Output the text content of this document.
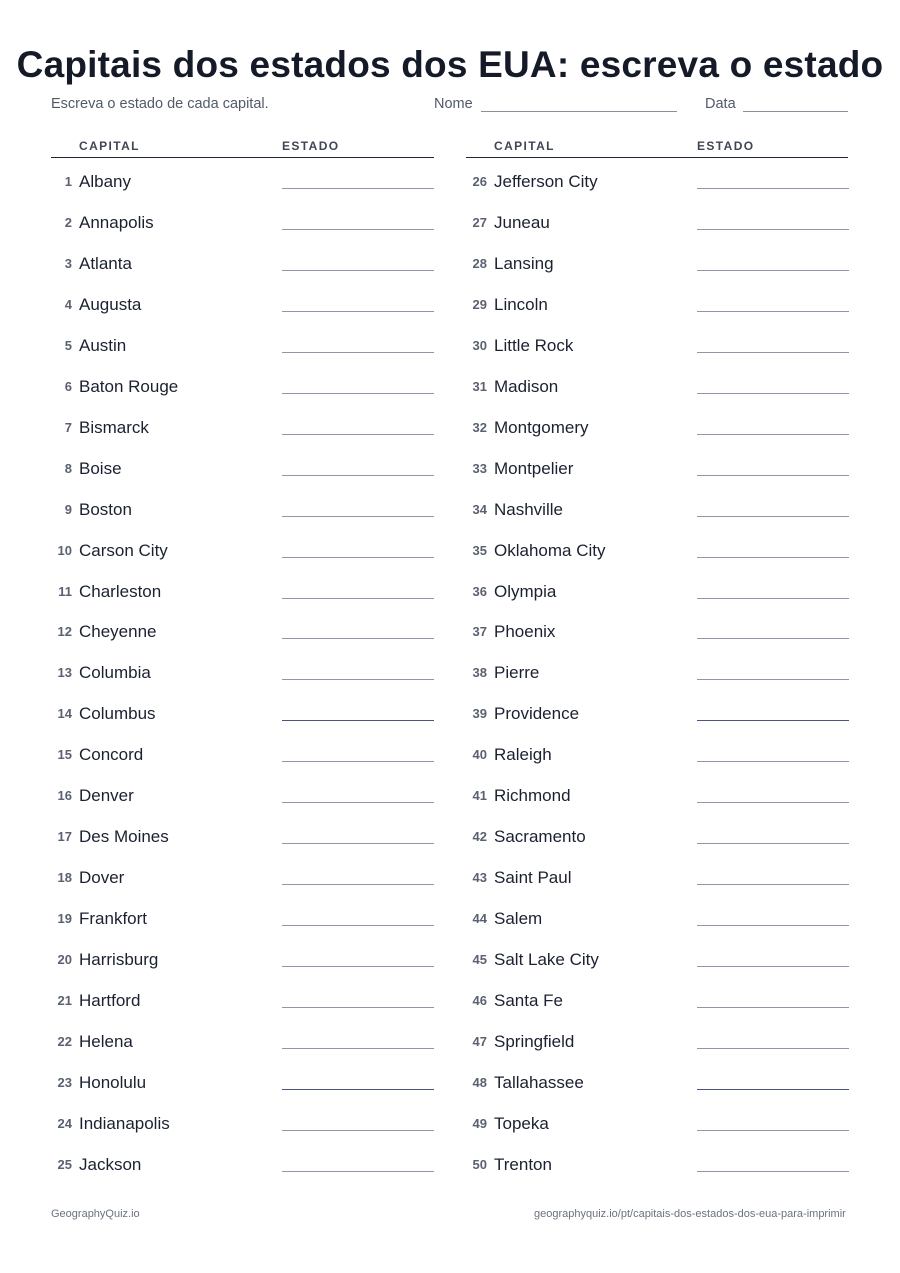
Capitais dos estados dos EUA: escreva o estado
Escreva o estado de cada capital.	Nome	Data
CAPITAL	ESTADO	CAPITAL	ESTADO
1 Albany
2 Annapolis
3 Atlanta
4 Augusta
5 Austin
6 Baton Rouge
7 Bismarck
8 Boise
9 Boston
10 Carson City
11 Charleston
12 Cheyenne
13 Columbia
14 Columbus
15 Concord
16 Denver
17 Des Moines
18 Dover
19 Frankfort
20 Harrisburg
21 Hartford
22 Helena
23 Honolulu
24 Indianapolis
25 Jackson
26 Jefferson City
27 Juneau
28 Lansing
29 Lincoln
30 Little Rock
31 Madison
32 Montgomery
33 Montpelier
34 Nashville
35 Oklahoma City
36 Olympia
37 Phoenix
38 Pierre
39 Providence
40 Raleigh
41 Richmond
42 Sacramento
43 Saint Paul
44 Salem
45 Salt Lake City
46 Santa Fe
47 Springfield
48 Tallahassee
49 Topeka
50 Trenton
GeographyQuiz.io	geographyquiz.io/pt/capitais-dos-estados-dos-eua-para-imprimir
